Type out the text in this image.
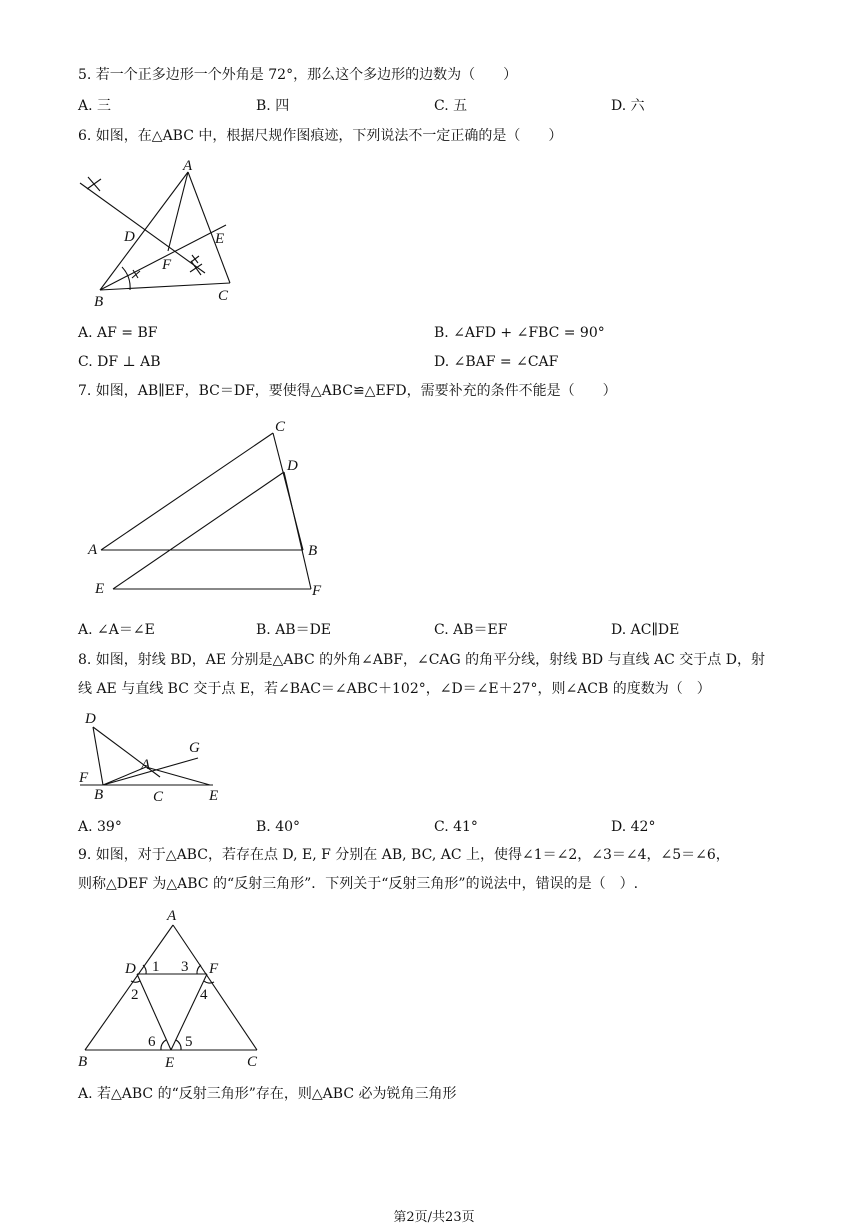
5. 若一个正多边形一个外角是 72°，那么这个多边形的边数为（　　）
A. 三	B. 四	C. 五	D. 六
6. 如图，在△ABC 中，根据尺规作图痕迹，下列说法不一定正确的是（　　）
A
D	E
F
B	C
A. AF = BF	B. ∠AFD + ∠FBC = 90°
C. DF ⊥ AB	D. ∠BAF = ∠CAF
7. 如图，AB∥EF，BC＝DF，要使得△ABC≌△EFD，需要补充的条件不能是（　　）
C
D
A	B
E	F
A. ∠A＝∠E	B. AB＝DE	C. AB＝EF	D. AC∥DE
8. 如图，射线 BD，AE 分别是△ABC 的外角∠ABF，∠CAG 的角平分线，射线 BD 与直线 AC 交于点 D，射
线 AE 与直线 BC 交于点 E，若∠BAC＝∠ABC＋102°，∠D＝∠E＋27°，则∠ACB 的度数为（　）
D
G
A
F
B	C	E
A. 39°	B. 40°	C. 41°	D. 42°
9. 如图，对于△ABC，若存在点 D, E, F 分别在 AB, BC, AC 上，使得∠1＝∠2，∠3＝∠4，∠5＝∠6，
则称△DEF 为△ABC 的“反射三角形”．下列关于“反射三角形”的说法中，错误的是（　）.
A
D 1 3 F
2	4
6 5
B	E	C
A. 若△ABC 的“反射三角形”存在，则△ABC 必为锐角三角形
第2页/共23页
